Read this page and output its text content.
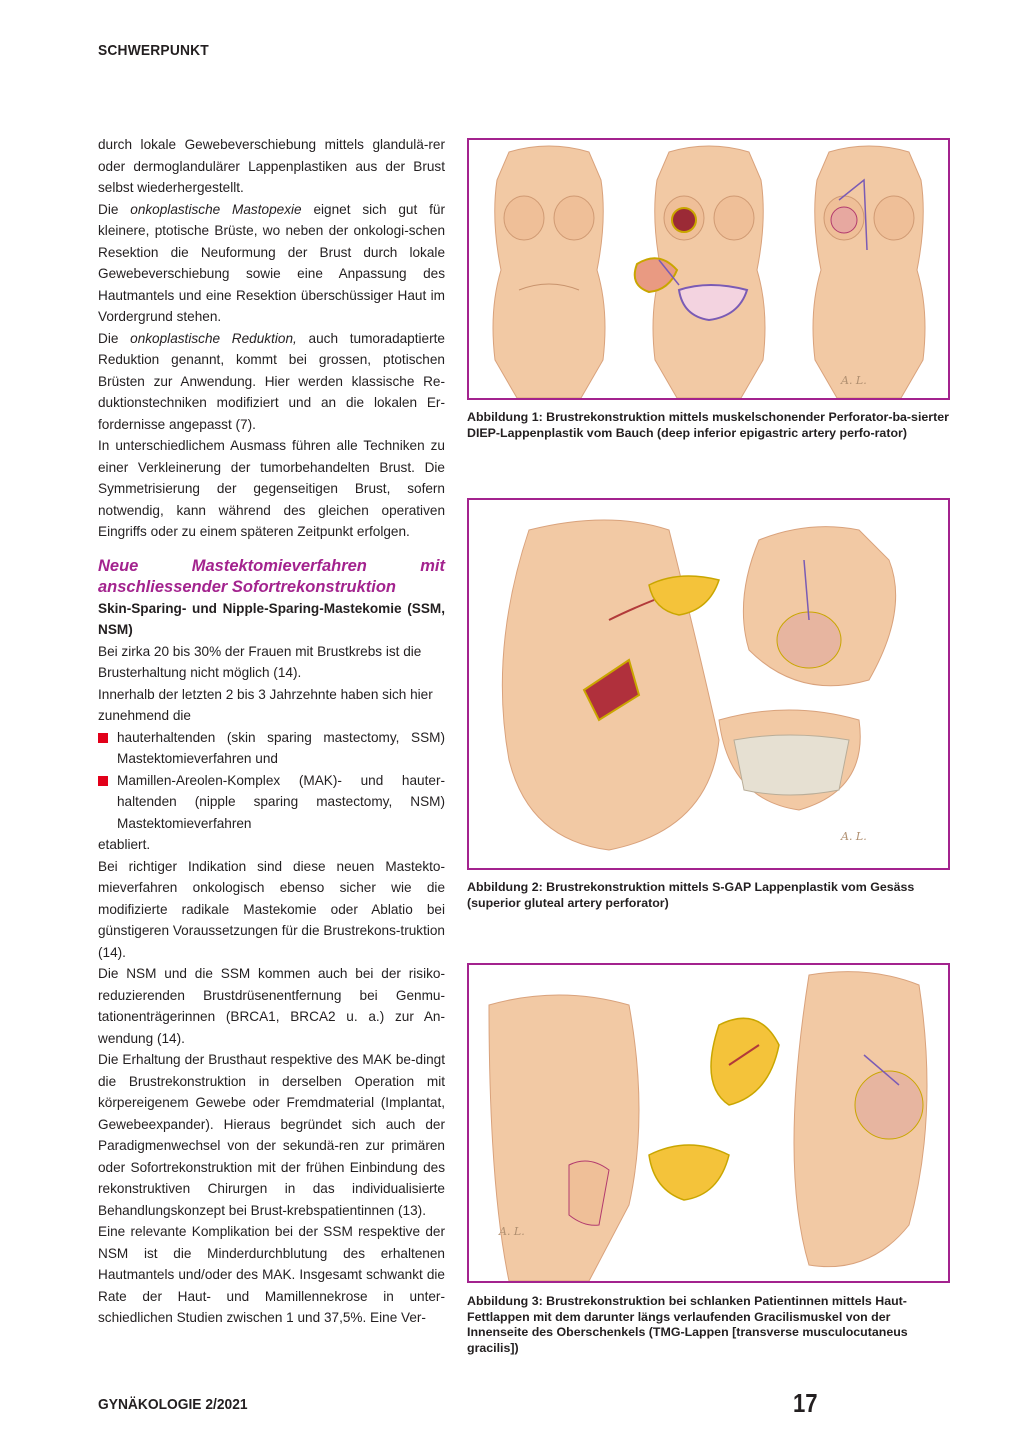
SCHWERPUNKT

durch lokale Gewebeverschiebung mittels glandulä-rer oder dermoglandulärer Lappenplastiken aus der Brust selbst wiederhergestellt.

Die onkoplastische Mastopexie eignet sich gut für kleinere, ptotische Brüste, wo neben der onkologi-schen Resektion die Neuformung der Brust durch lokale Gewebeverschiebung sowie eine Anpassung des Hautmantels und eine Resektion überschüssiger Haut im Vordergrund stehen.

Die onkoplastische Reduktion, auch tumoradaptierte Reduktion genannt, kommt bei grossen, ptotischen Brüsten zur Anwendung. Hier werden klassische Re-duktionstechniken modifiziert und an die lokalen Er-fordernisse angepasst (7).

In unterschiedlichem Ausmass führen alle Techniken zu einer Verkleinerung der tumorbehandelten Brust. Die Symmetrisierung der gegenseitigen Brust, sofern notwendig, kann während des gleichen operativen Eingriffs oder zu einem späteren Zeitpunkt erfolgen.

Neue Mastektomieverfahren mit anschliessender Sofortrekonstruktion

Skin-Sparing- und Nipple-Sparing-Mastekomie (SSM, NSM)

Bei zirka 20 bis 30% der Frauen mit Brustkrebs ist die Brusterhaltung nicht möglich (14).

Innerhalb der letzten 2 bis 3 Jahrzehnte haben sich hier zunehmend die

hauterhaltenden (skin sparing mastectomy, SSM) Mastektomieverfahren und

Mamillen-Areolen-Komplex (MAK)- und hauter-haltenden (nipple sparing mastectomy, NSM) Mastektomieverfahren

etabliert.

Bei richtiger Indikation sind diese neuen Mastekto-mieverfahren onkologisch ebenso sicher wie die modifizierte radikale Mastekomie oder Ablatio bei günstigeren Voraussetzungen für die Brustrekons-truktion (14).

Die NSM und die SSM kommen auch bei der risiko-reduzierenden Brustdrüsenentfernung bei Genmu-tationenträgerinnen (BRCA1, BRCA2 u. a.) zur An-wendung (14).

Die Erhaltung der Brusthaut respektive des MAK be-dingt die Brustrekonstruktion in derselben Operation mit körpereigenem Gewebe oder Fremdmaterial (Implantat, Gewebeexpander). Hieraus begründet sich auch der Paradigmenwechsel von der sekundä-ren zur primären oder Sofortrekonstruktion mit der frühen Einbindung des rekonstruktiven Chirurgen in das individualisierte Behandlungskonzept bei Brust-krebspatientinnen (13).

Eine relevante Komplikation bei der SSM respektive der NSM ist die Minderdurchblutung des erhaltenen Hautmantels und/oder des MAK. Insgesamt schwankt die Rate der Haut- und Mamillennekrose in unter-schiedlichen Studien zwischen 1 und 37,5%. Eine Ver-

A. L.
Abbildung 1: Brustrekonstruktion mittels muskelschonender Perforator-ba-sierter DIEP-Lappenplastik vom Bauch (deep inferior epigastric artery perfo-rator)
A. L.
Abbildung 2: Brustrekonstruktion mittels S-GAP Lappenplastik vom Gesäss (superior gluteal artery perforator)
A. L.
Abbildung 3: Brustrekonstruktion bei schlanken Patientinnen mittels Haut-Fettlappen mit dem darunter längs verlaufenden Gracilismuskel von der Innenseite des Oberschenkels (TMG-Lappen [transverse musculocutaneus gracilis])
GYNÄKOLOGIE 2/2021	17
